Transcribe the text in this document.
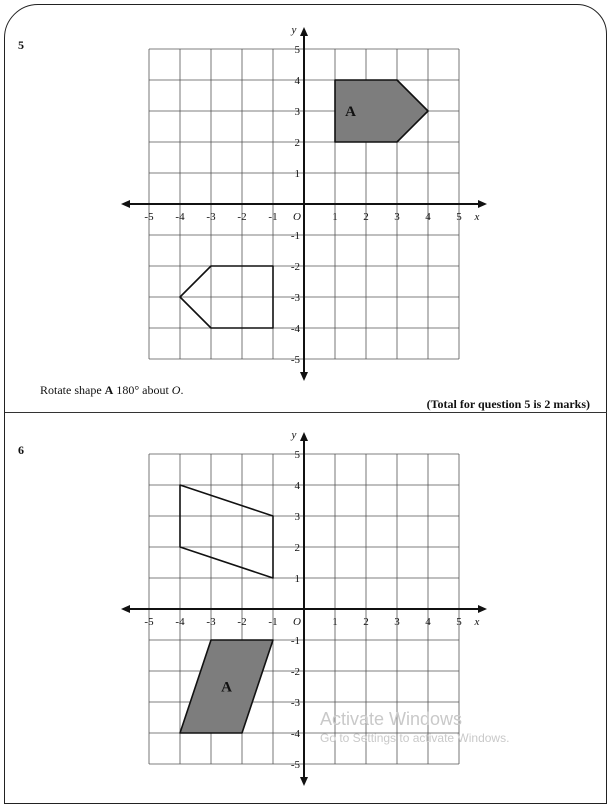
5
A
-5 -4 -3 -2 -1	1 2 3 4 5
5
4
3
2
1
-1
-2
-3
-4
-5
O	x
y
Rotate shape A 180° about O.
(Total for question 5 is 2 marks)
6
A
-5 -4 -3 -2 -1	1 2 3 4 5
5
4
3
2
1
-1
-2
-3
-4
-5
O	x
y
Activate Windows
Go to Settings to activate Windows.
